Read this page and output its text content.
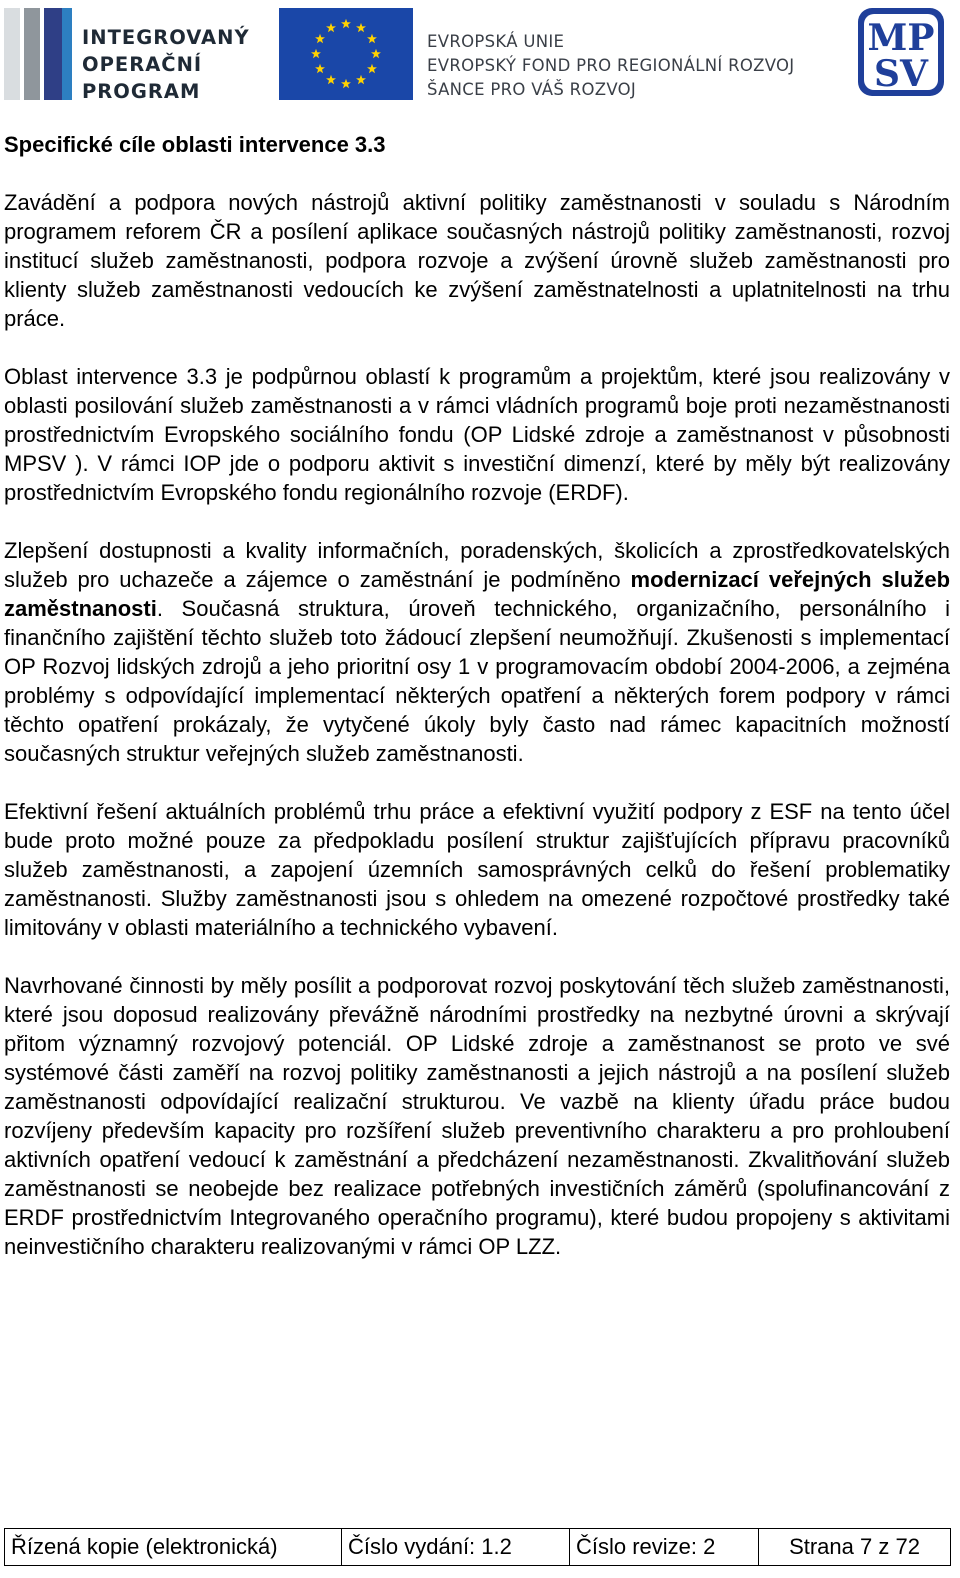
INTEGROVANÝ
OPERAČNÍ
PROGRAM
EVROPSKÁ UNIE
EVROPSKÝ FOND PRO REGIONÁLNÍ ROZVOJ
ŠANCE PRO VÁŠ ROZVOJ
MP
SV
Specifické cíle oblasti intervence 3.3

Zavádění a podpora nových nástrojů aktivní politiky zaměstnanosti v souladu s Národním programem reforem ČR a posílení aplikace současných nástrojů politiky zaměstnanosti, rozvoj institucí služeb zaměstnanosti, podpora rozvoje a zvýšení úrovně služeb zaměstnanosti pro klienty služeb zaměstnanosti vedoucích ke zvýšení zaměstnatelnosti a uplatnitelnosti na trhu práce.

Oblast intervence 3.3 je podpůrnou oblastí k programům a projektům, které jsou realizovány v oblasti posilování služeb zaměstnanosti a v rámci vládních programů boje proti nezaměstnanosti prostřednictvím Evropského sociálního fondu (OP Lidské zdroje a zaměstnanost v působnosti MPSV ). V rámci IOP jde o podporu aktivit s investiční dimenzí, které by měly být realizovány prostřednictvím Evropského fondu regionálního rozvoje (ERDF).

Zlepšení dostupnosti a kvality informačních, poradenských, školicích a zprostředkovatelských služeb pro uchazeče a zájemce o zaměstnání je podmíněno modernizací veřejných služeb zaměstnanosti. Současná struktura, úroveň technického, organizačního, personálního i finančního zajištění těchto služeb toto žádoucí zlepšení neumožňují. Zkušenosti s implementací OP Rozvoj lidských zdrojů a jeho prioritní osy 1 v programovacím období 2004-2006, a zejména problémy s odpovídající implementací některých opatření a některých forem podpory v rámci těchto opatření prokázaly, že vytyčené úkoly byly často nad rámec kapacitních možností současných struktur veřejných služeb zaměstnanosti.

Efektivní řešení aktuálních problémů trhu práce a efektivní využití podpory z ESF na tento účel bude proto možné pouze za předpokladu posílení struktur zajišťujících přípravu pracovníků služeb zaměstnanosti, a zapojení územních samosprávných celků do řešení problematiky zaměstnanosti. Služby zaměstnanosti jsou s ohledem na omezené rozpočtové prostředky také limitovány v oblasti materiálního a technického vybavení.

Navrhované činnosti by měly posílit a podporovat rozvoj poskytování těch služeb zaměstnanosti, které jsou doposud realizovány převážně národními prostředky na nezbytné úrovni a skrývají přitom významný rozvojový potenciál. OP Lidské zdroje a zaměstnanost se proto ve své systémové části zaměří na rozvoj politiky zaměstnanosti a jejich nástrojů a na posílení služeb zaměstnanosti odpovídající realizační strukturou. Ve vazbě na klienty úřadu práce budou rozvíjeny především kapacity pro rozšíření služeb preventivního charakteru a pro prohloubení aktivních opatření vedoucí k zaměstnání a předcházení nezaměstnanosti. Zkvalitňování služeb zaměstnanosti se neobejde bez realizace potřebných investičních záměrů (spolufinancování z ERDF prostřednictvím Integrovaného operačního programu), které budou propojeny s aktivitami neinvestičního charakteru realizovanými v rámci OP LZZ.

Řízená kopie (elektronická)	Číslo vydání: 1.2	Číslo revize: 2	Strana 7 z 72
